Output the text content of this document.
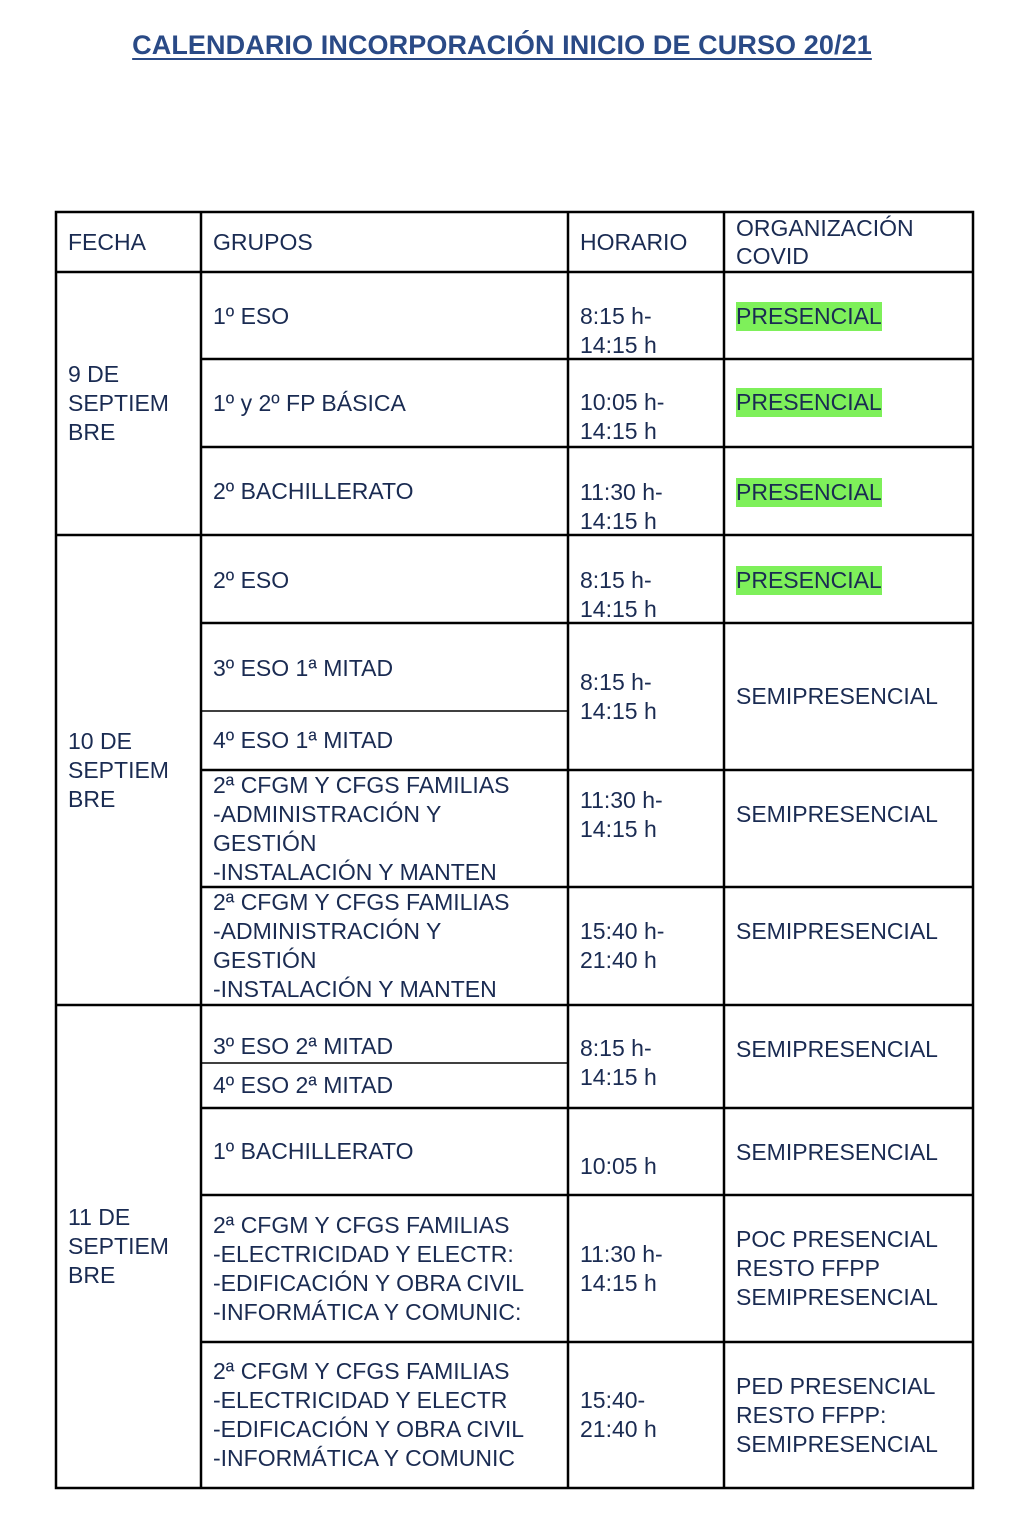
CALENDARIO INCORPORACIÓN INICIO DE CURSO 20/21
FECHA	GRUPOS	HORARIO
ORGANIZACIÓN
COVID
9 DE
SEPTIEM
BRE
10 DE
SEPTIEM
BRE
11 DE
SEPTIEM
BRE
1º ESO
1º y 2º FP BÁSICA
2º BACHILLERATO
2º ESO
3º ESO 1ª MITAD
4º ESO 1ª MITAD
2ª CFGM Y CFGS FAMILIAS
-ADMINISTRACIÓN Y
GESTIÓN
-INSTALACIÓN Y MANTEN
2ª CFGM Y CFGS FAMILIAS
-ADMINISTRACIÓN Y
GESTIÓN
-INSTALACIÓN Y MANTEN
3º ESO 2ª MITAD
4º ESO 2ª MITAD
1º BACHILLERATO
2ª CFGM Y CFGS FAMILIAS
-ELECTRICIDAD Y ELECTR:
-EDIFICACIÓN Y OBRA CIVIL
-INFORMÁTICA Y COMUNIC:
2ª CFGM Y CFGS FAMILIAS
-ELECTRICIDAD Y ELECTR
-EDIFICACIÓN Y OBRA CIVIL
-INFORMÁTICA Y COMUNIC
8:15 h-
14:15 h
10:05 h-
14:15 h
11:30 h-
14:15 h
8:15 h-
14:15 h
8:15 h-
14:15 h
11:30 h-
14:15 h
15:40 h-
21:40 h
8:15 h-
14:15 h
10:05 h
11:30 h-
14:15 h
15:40-
21:40 h
PRESENCIAL
PRESENCIAL
PRESENCIAL
PRESENCIAL
SEMIPRESENCIAL
SEMIPRESENCIAL
SEMIPRESENCIAL
SEMIPRESENCIAL
SEMIPRESENCIAL
POC PRESENCIAL
RESTO FFPP
SEMIPRESENCIAL
PED PRESENCIAL
RESTO FFPP:
SEMIPRESENCIAL
